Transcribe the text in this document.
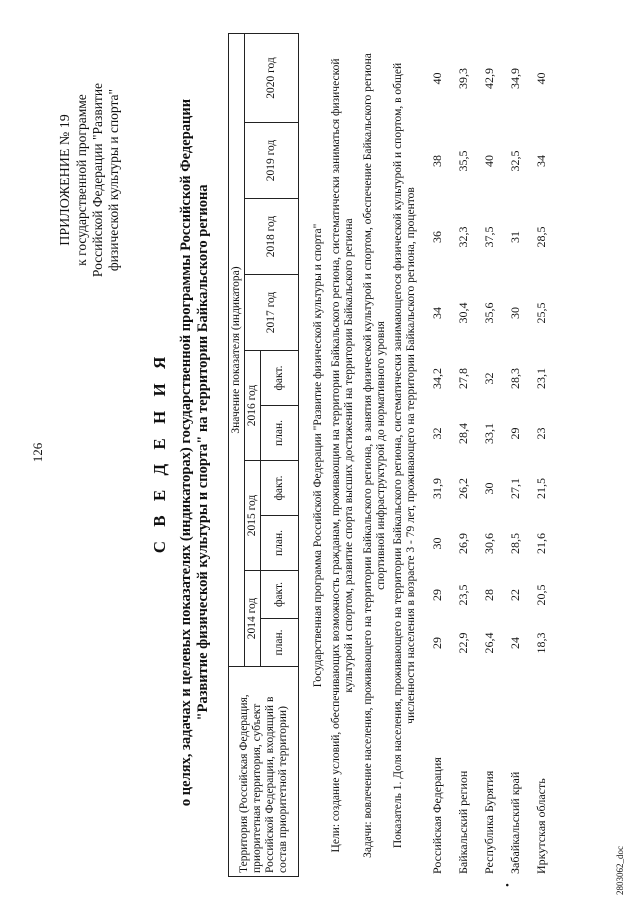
126
ПРИЛОЖЕНИЕ № 19 к государственной программе Российской Федерации "Развитие физической культуры и спорта"
С В Е Д Е Н И Я о целях, задачах и целевых показателях (индикаторах) государственной программы Российской Федерации "Развитие физической культуры и спорта" на территории Байкальского региона
Территория (Российская Федерация, приоритетная территория, субъект Российской Федерации, входящий в состав приоритетной территории)	Значение показателя (индикатора)									
	2014 год		2015 год		2016 год		2017 год	2018 год	2019 год	2020 год
	план.	факт.	план.	факт.	план.	факт.				Государственная программа Российской Федерации "Развитие физической культуры и спорта" Цели: создание условий, обеспечивающих возможность гражданам, проживающим на территории Байкальского региона, систематически заниматься физической культурой и спортом, развитие спорта высших достижений на территории Байкальского региона Задачи: вовлечение населения, проживающего на территории Байкальского региона, в занятия физической культурой и спортом, обеспечение Байкальского региона спортивной инфраструктурой до нормативного уровня Показатель 1. Доля населения, проживающего на территории Байкальского региона, систематически занимающегося физической культурой и спортом, в общей численности населения в возрасте 3 - 79 лет, проживающего на территории Байкальского региона, процентов
Российская Федерация	29	29	30	31,9	32	34,2	34	36	38	40
Байкальский регион	22,9	23,5	26,9	26,2	28,4	27,8	30,4	32,3	35,5	39,3
Республика Бурятия	26,4	28	30,6	30	33,1	32	35,6	37,5	40	42,9

•
Забайкальский край	24	22	28,5	27,1	29	28,3	30	31	32,5	34,9
Иркутская область	18,3	20,5	21,6	21,5	23	23,1	25,5	28,5	34	40
2803062_doc
